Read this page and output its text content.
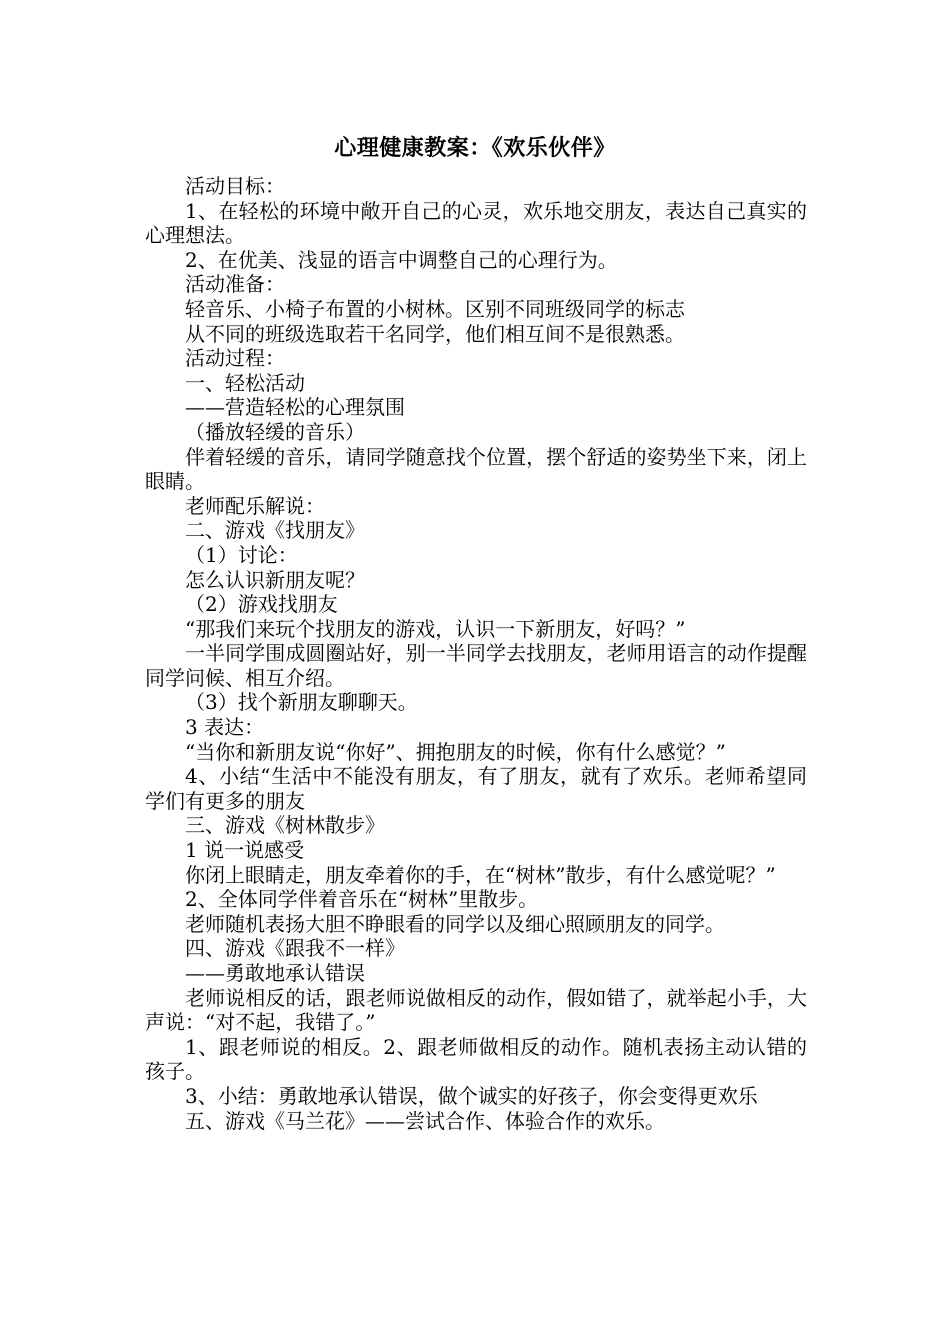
心理健康教案：《欢乐伙伴》

活动目标：

1、在轻松的环境中敞开自己的心灵，欢乐地交朋友，表达自己真实的心理想法。

2、在优美、浅显的语言中调整自己的心理行为。

活动准备：

轻音乐、小椅子布置的小树林。区别不同班级同学的标志

从不同的班级选取若干名同学，他们相互间不是很熟悉。

活动过程：

一、轻松活动

——营造轻松的心理氛围

（播放轻缓的音乐）

伴着轻缓的音乐，请同学随意找个位置，摆个舒适的姿势坐下来，闭上眼睛。

老师配乐解说：

二、游戏《找朋友》

（1）讨论：

怎么认识新朋友呢？

（2）游戏找朋友

“那我们来玩个找朋友的游戏，认识一下新朋友，好吗？”

一半同学围成圆圈站好，别一半同学去找朋友，老师用语言的动作提醒同学问候、相互介绍。

（3）找个新朋友聊聊天。

3 表达：

“当你和新朋友说“你好”、拥抱朋友的时候，你有什么感觉？”

4、小结“生活中不能没有朋友，有了朋友，就有了欢乐。老师希望同学们有更多的朋友

三、游戏《树林散步》

1 说一说感受

你闭上眼睛走，朋友牵着你的手，在“树林”散步，有什么感觉呢？”

2、全体同学伴着音乐在“树林”里散步。

老师随机表扬大胆不睁眼看的同学以及细心照顾朋友的同学。

四、游戏《跟我不一样》

——勇敢地承认错误

老师说相反的话，跟老师说做相反的动作，假如错了，就举起小手，大声说：“对不起，我错了。”

1、跟老师说的相反。2、跟老师做相反的动作。随机表扬主动认错的孩子。

3、小结：勇敢地承认错误，做个诚实的好孩子，你会变得更欢乐

五、游戏《马兰花》——尝试合作、体验合作的欢乐。
